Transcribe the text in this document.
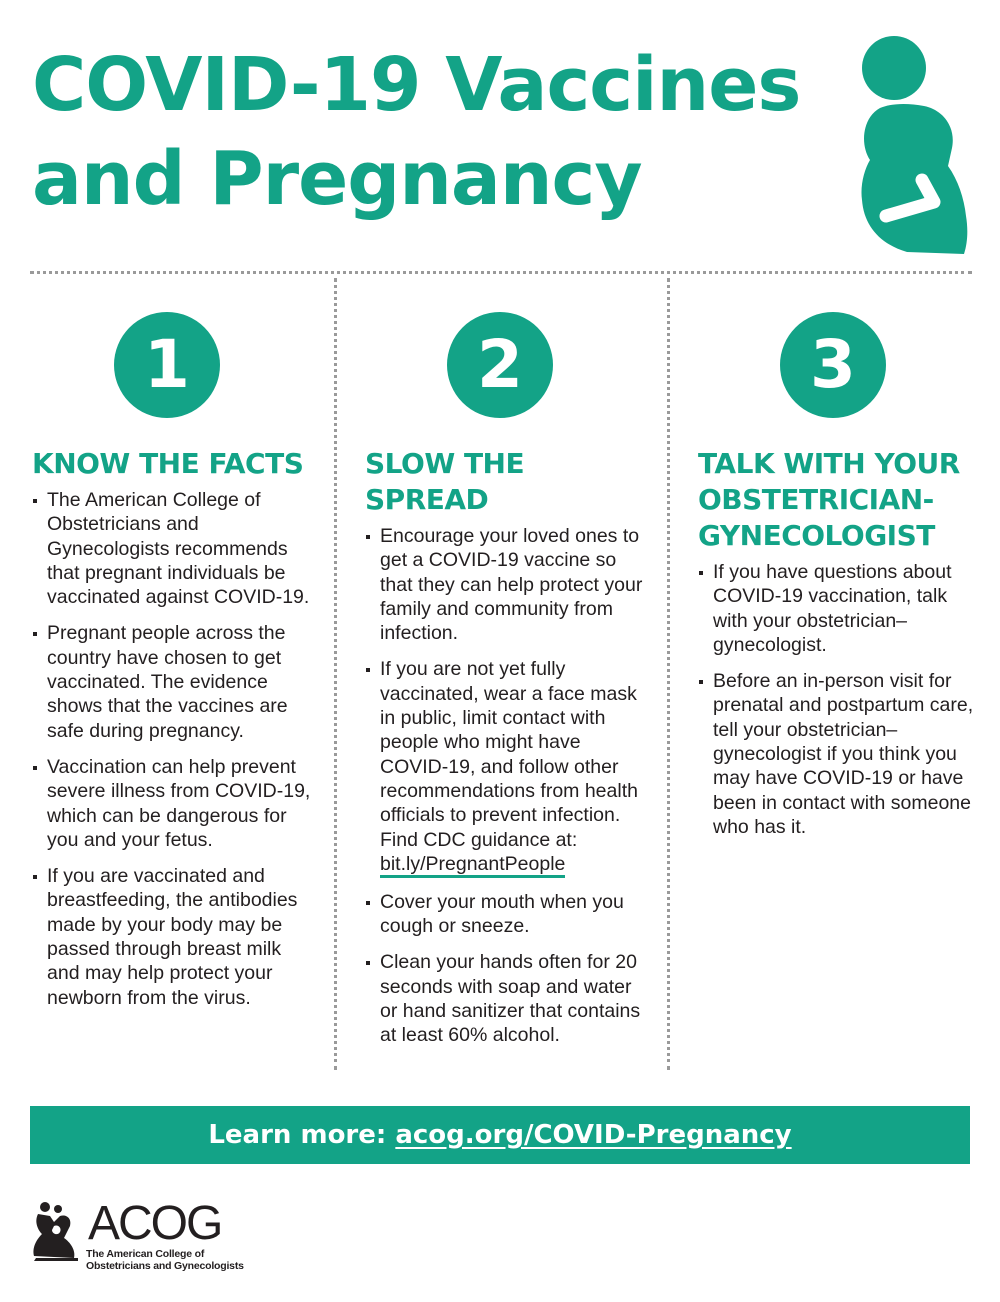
COVID-19 Vaccines
and Pregnancy
1
KNOW THE FACTS
The American College of Obstetricians and Gynecologists recommends that pregnant individuals be vaccinated against COVID-19.
Pregnant people across the country have chosen to get vaccinated. The evidence shows that the vaccines are safe during pregnancy.
Vaccination can help prevent severe illness from COVID-19, which can be dangerous for you and your fetus.
If you are vaccinated and breastfeeding, the antibodies made by your body may be passed through breast milk and may help protect your newborn from the virus.
2
SLOW THE SPREAD
Encourage your loved ones to get a COVID-19 vaccine so that they can help protect your family and community from infection.
If you are not yet fully vaccinated, wear a face mask in public, limit contact with people who might have COVID-19, and follow other recommendations from health officials to prevent infection. Find CDC guidance at: bit.ly/PregnantPeople
Cover your mouth when you cough or sneeze.
Clean your hands often for 20 seconds with soap and water or hand sanitizer that contains at least 60% alcohol.
3
TALK WITH YOUR OBSTETRICIAN-
GYNECOLOGIST
If you have questions about COVID-19 vaccination, talk with your obstetrician–gynecologist.
Before an in-person visit for prenatal and postpartum care, tell your obstetrician–gynecologist if you think you may have COVID-19 or have been in contact with someone who has it.
Learn more: acog.org/COVID-Pregnancy
ACOG
The American College of
Obstetricians and Gynecologists
